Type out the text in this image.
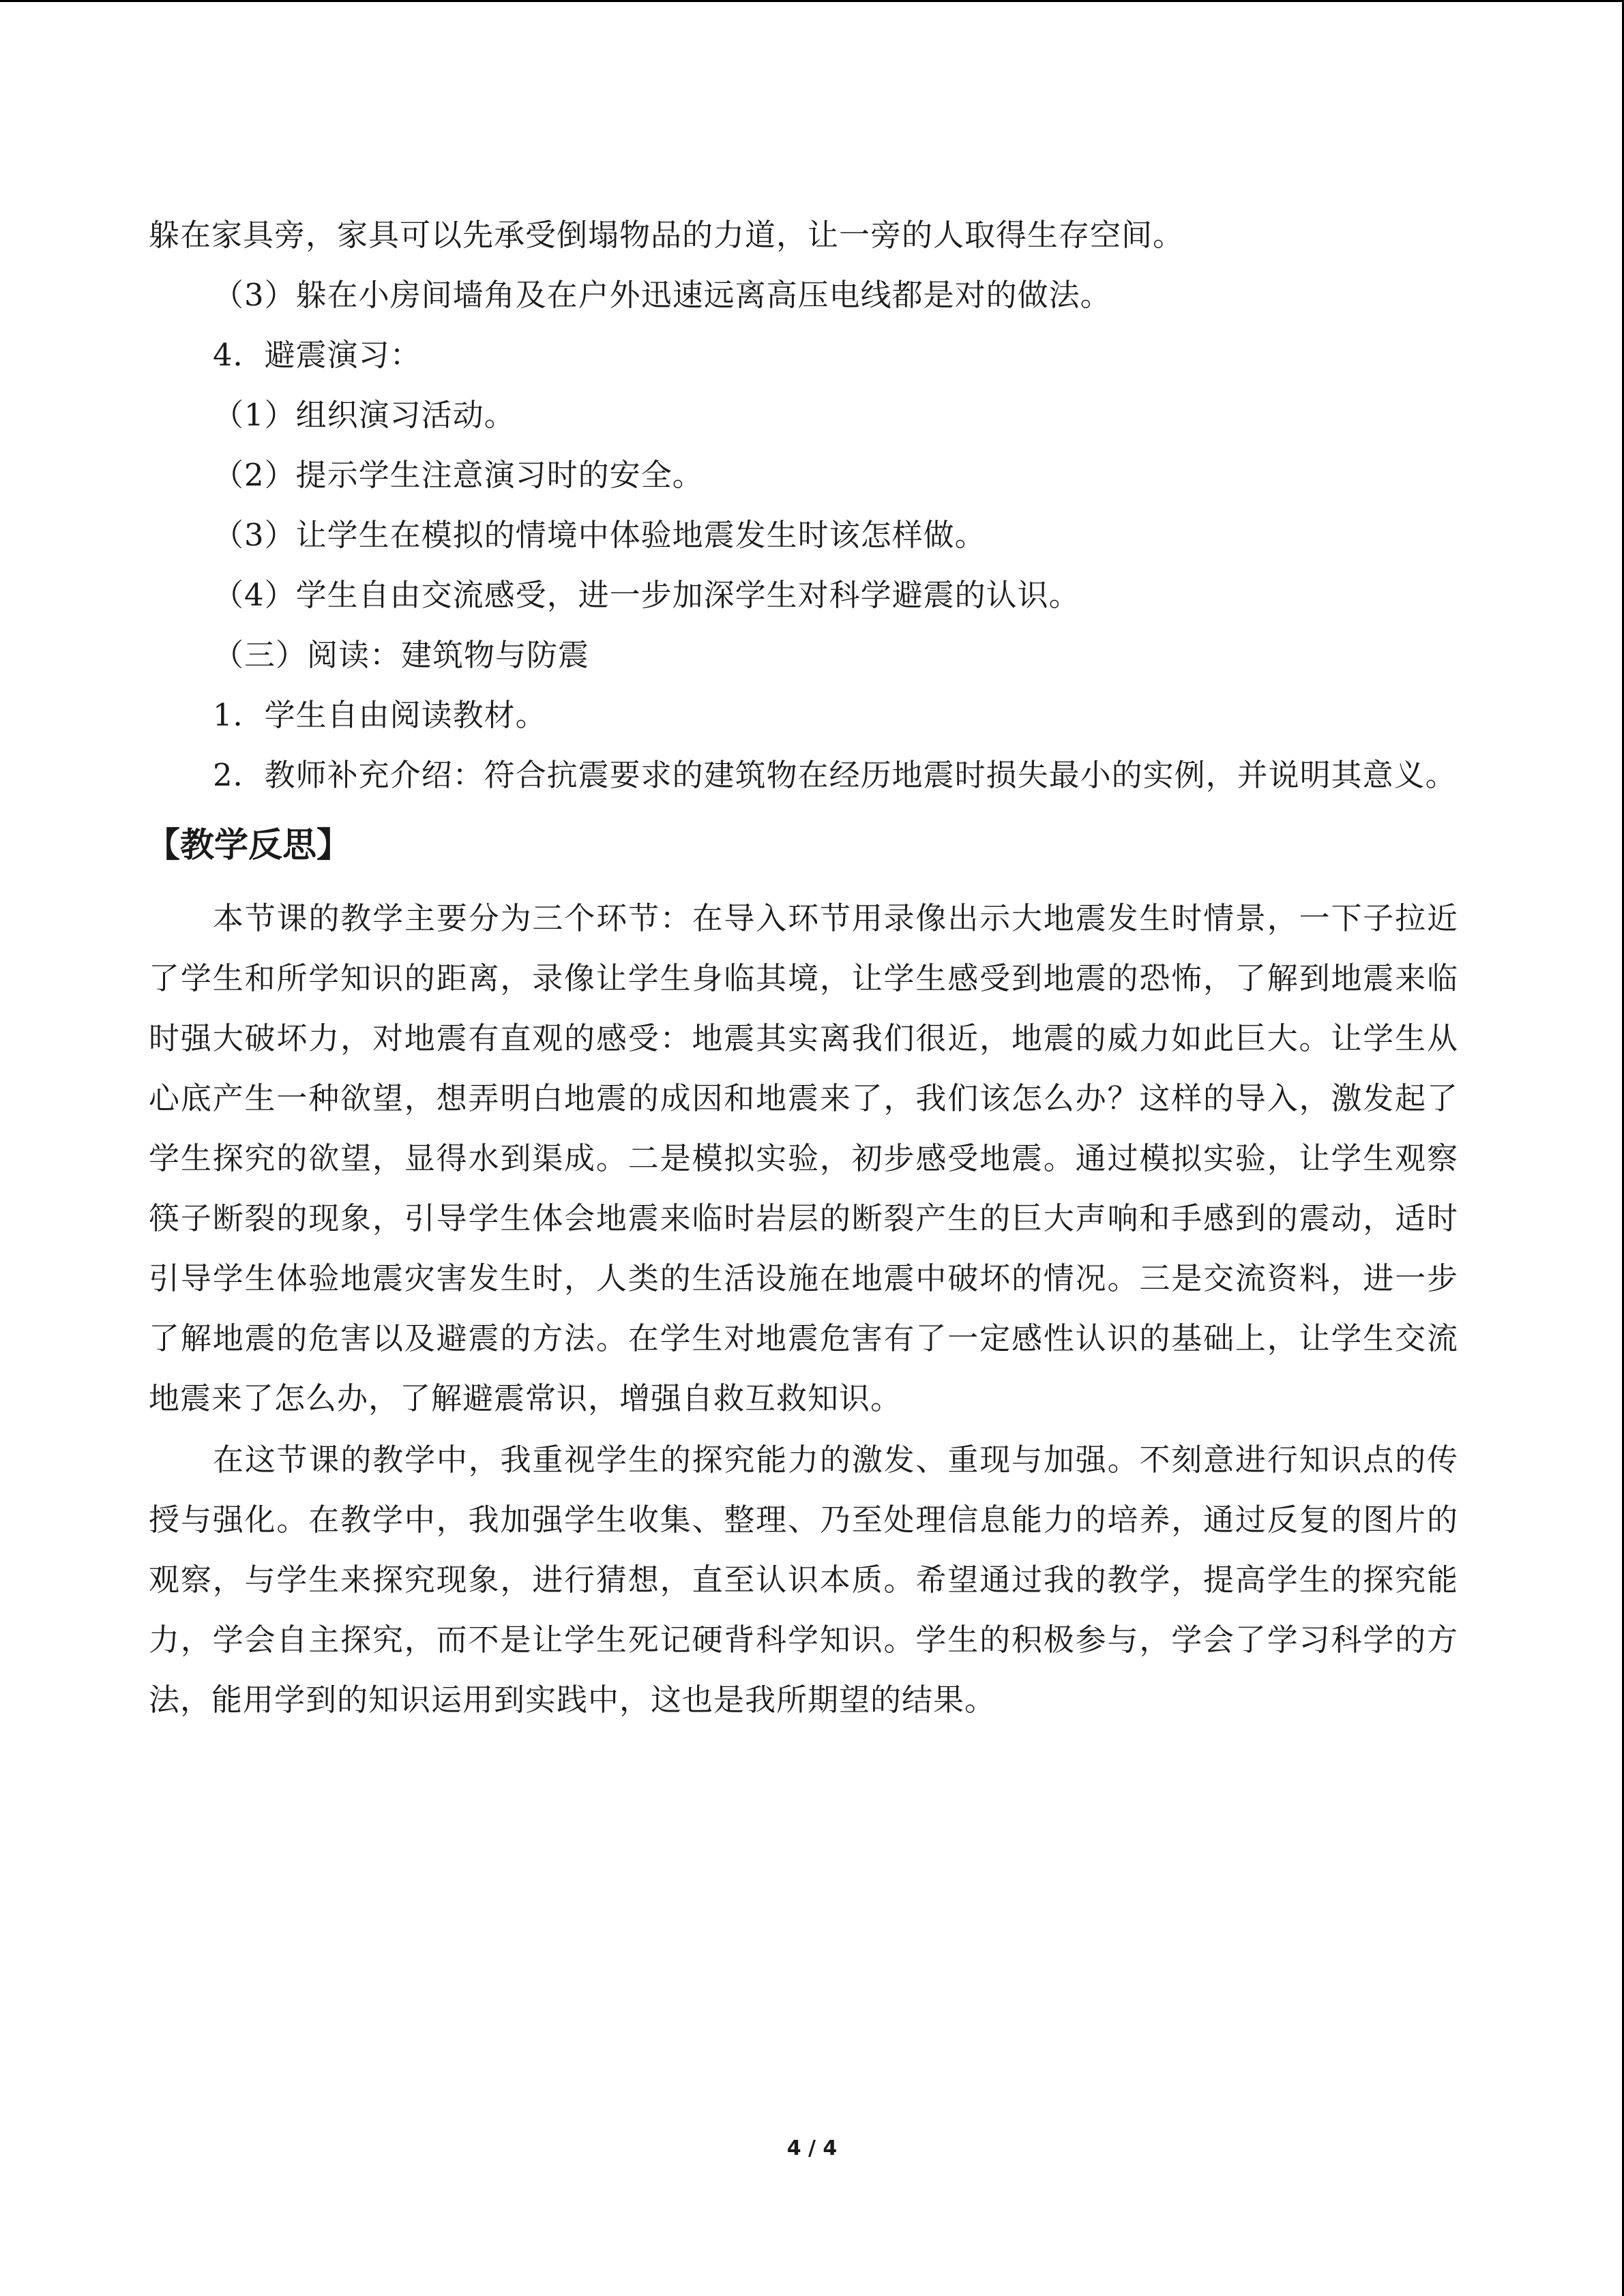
躲在家具旁，家具可以先承受倒塌物品的力道，让一旁的人取得生存空间。
（3）躲在小房间墙角及在户外迅速远离高压电线都是对的做法。
4．避震演习：
（1）组织演习活动。
（2）提示学生注意演习时的安全。
（3）让学生在模拟的情境中体验地震发生时该怎样做。
（4）学生自由交流感受，进一步加深学生对科学避震的认识。
（三）阅读：建筑物与防震
1．学生自由阅读教材。
2．教师补充介绍：符合抗震要求的建筑物在经历地震时损失最小的实例，并说明其意义。
【教学反思】

本节课的教学主要分为三个环节：在导入环节用录像出示大地震发生时情景，一下子拉近了学生和所学知识的距离，录像让学生身临其境，让学生感受到地震的恐怖，了解到地震来临时强大破坏力，对地震有直观的感受：地震其实离我们很近，地震的威力如此巨大。让学生从心底产生一种欲望，想弄明白地震的成因和地震来了，我们该怎么办？这样的导入，激发起了学生探究的欲望，显得水到渠成。二是模拟实验，初步感受地震。通过模拟实验，让学生观察筷子断裂的现象，引导学生体会地震来临时岩层的断裂产生的巨大声响和手感到的震动，适时引导学生体验地震灾害发生时，人类的生活设施在地震中破坏的情况。三是交流资料，进一步了解地震的危害以及避震的方法。在学生对地震危害有了一定感性认识的基础上，让学生交流地震来了怎么办，了解避震常识，增强自救互救知识。

在这节课的教学中，我重视学生的探究能力的激发、重现与加强。不刻意进行知识点的传授与强化。在教学中，我加强学生收集、整理、乃至处理信息能力的培养，通过反复的图片的观察，与学生来探究现象，进行猜想，直至认识本质。希望通过我的教学，提高学生的探究能力，学会自主探究，而不是让学生死记硬背科学知识。学生的积极参与，学会了学习科学的方法，能用学到的知识运用到实践中，这也是我所期望的结果。

4 / 4
